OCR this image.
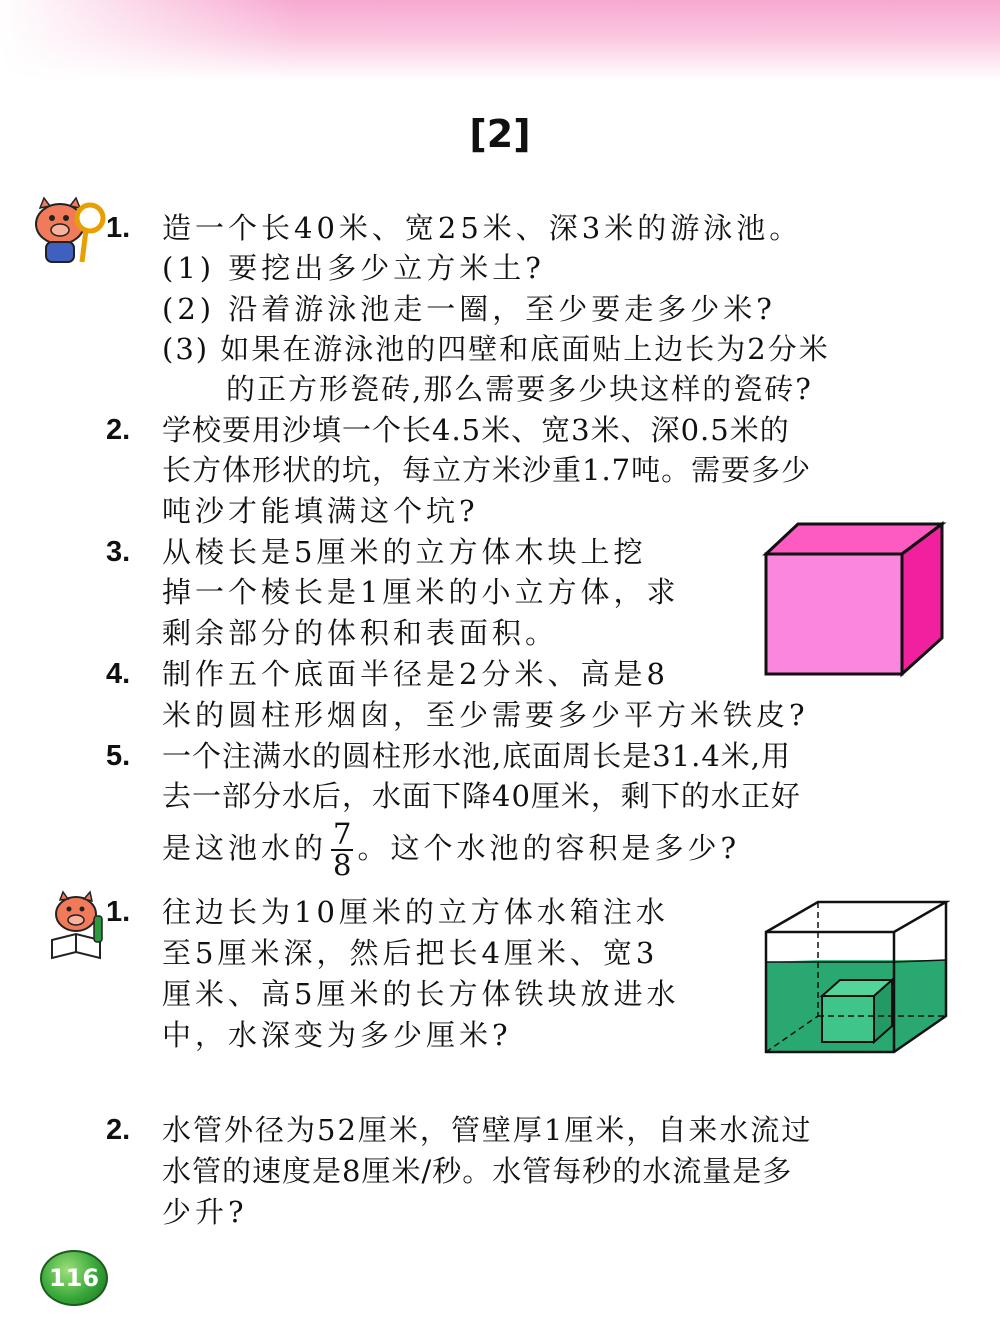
[2]
1. 造一个长40米、宽25米、深3米的游泳池。
(1) 要挖出多少立方米土?
(2) 沿着游泳池走一圈，至少要走多少米?
(3) 如果在游泳池的四壁和底面贴上边长为2分米
的正方形瓷砖,那么需要多少块这样的瓷砖?
2. 学校要用沙填一个长4.5米、宽3米、深0.5米的
长方体形状的坑，每立方米沙重1.7吨。需要多少
吨沙才能填满这个坑?
3. 从棱长是5厘米的立方体木块上挖
掉一个棱长是1厘米的小立方体，求
剩余部分的体积和表面积。
4. 制作五个底面半径是2分米、高是8
米的圆柱形烟囱，至少需要多少平方米铁皮?
5. 一个注满水的圆柱形水池,底面周长是31.4米,用
去一部分水后，水面下降40厘米，剩下的水正好
是这池水的 $\frac{7}{8}$ 。这个水池的容积是多少?
1. 往边长为10厘米的立方体水箱注水
至5厘米深，然后把长4厘米、宽3
厘米、高5厘米的长方体铁块放进水
中，水深变为多少厘米?
2. 水管外径为52厘米，管壁厚1厘米，自来水流过
水管的速度是8厘米/秒。水管每秒的水流量是多
少升?
116
